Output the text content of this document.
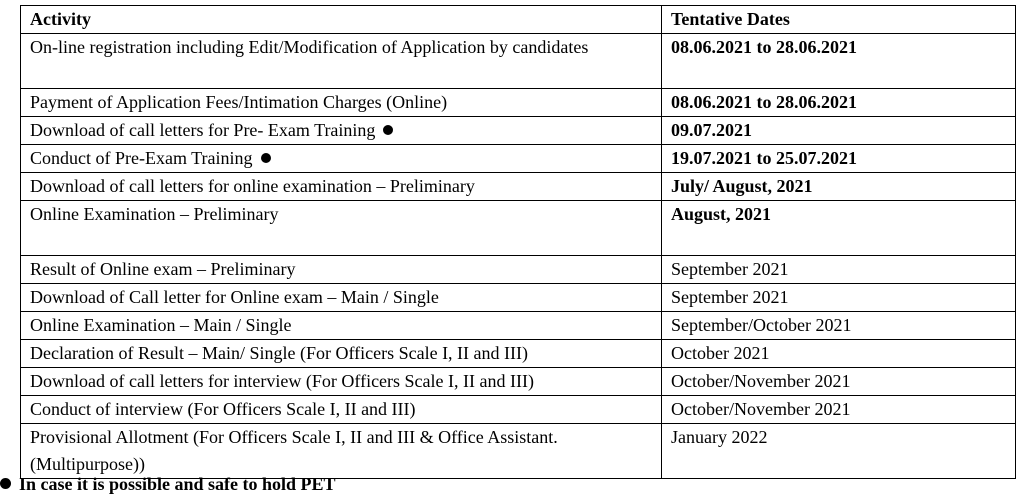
Activity	Tentative Dates
On-line registration including Edit/Modification of Application by candidates	08.06.2021 to 28.06.2021
Payment of Application Fees/Intimation Charges (Online)	08.06.2021 to 28.06.2021
Download of call letters for Pre- Exam Training	09.07.2021
Conduct of Pre-Exam Training	19.07.2021 to 25.07.2021
Download of call letters for online examination – Preliminary	July/ August, 2021
Online Examination – Preliminary	August, 2021
Result of Online exam – Preliminary	September 2021
Download of Call letter for Online exam – Main / Single	September 2021
Online Examination – Main / Single	September/October 2021
Declaration of Result – Main/ Single (For Officers Scale I, II and III)	October 2021
Download of call letters for interview (For Officers Scale I, II and III)	October/November 2021
Conduct of interview (For Officers Scale I, II and III)	October/November 2021
Provisional Allotment (For Officers Scale I, II and III & Office Assistant. (Multipurpose))	January 2022
In case it is possible and safe to hold PET
